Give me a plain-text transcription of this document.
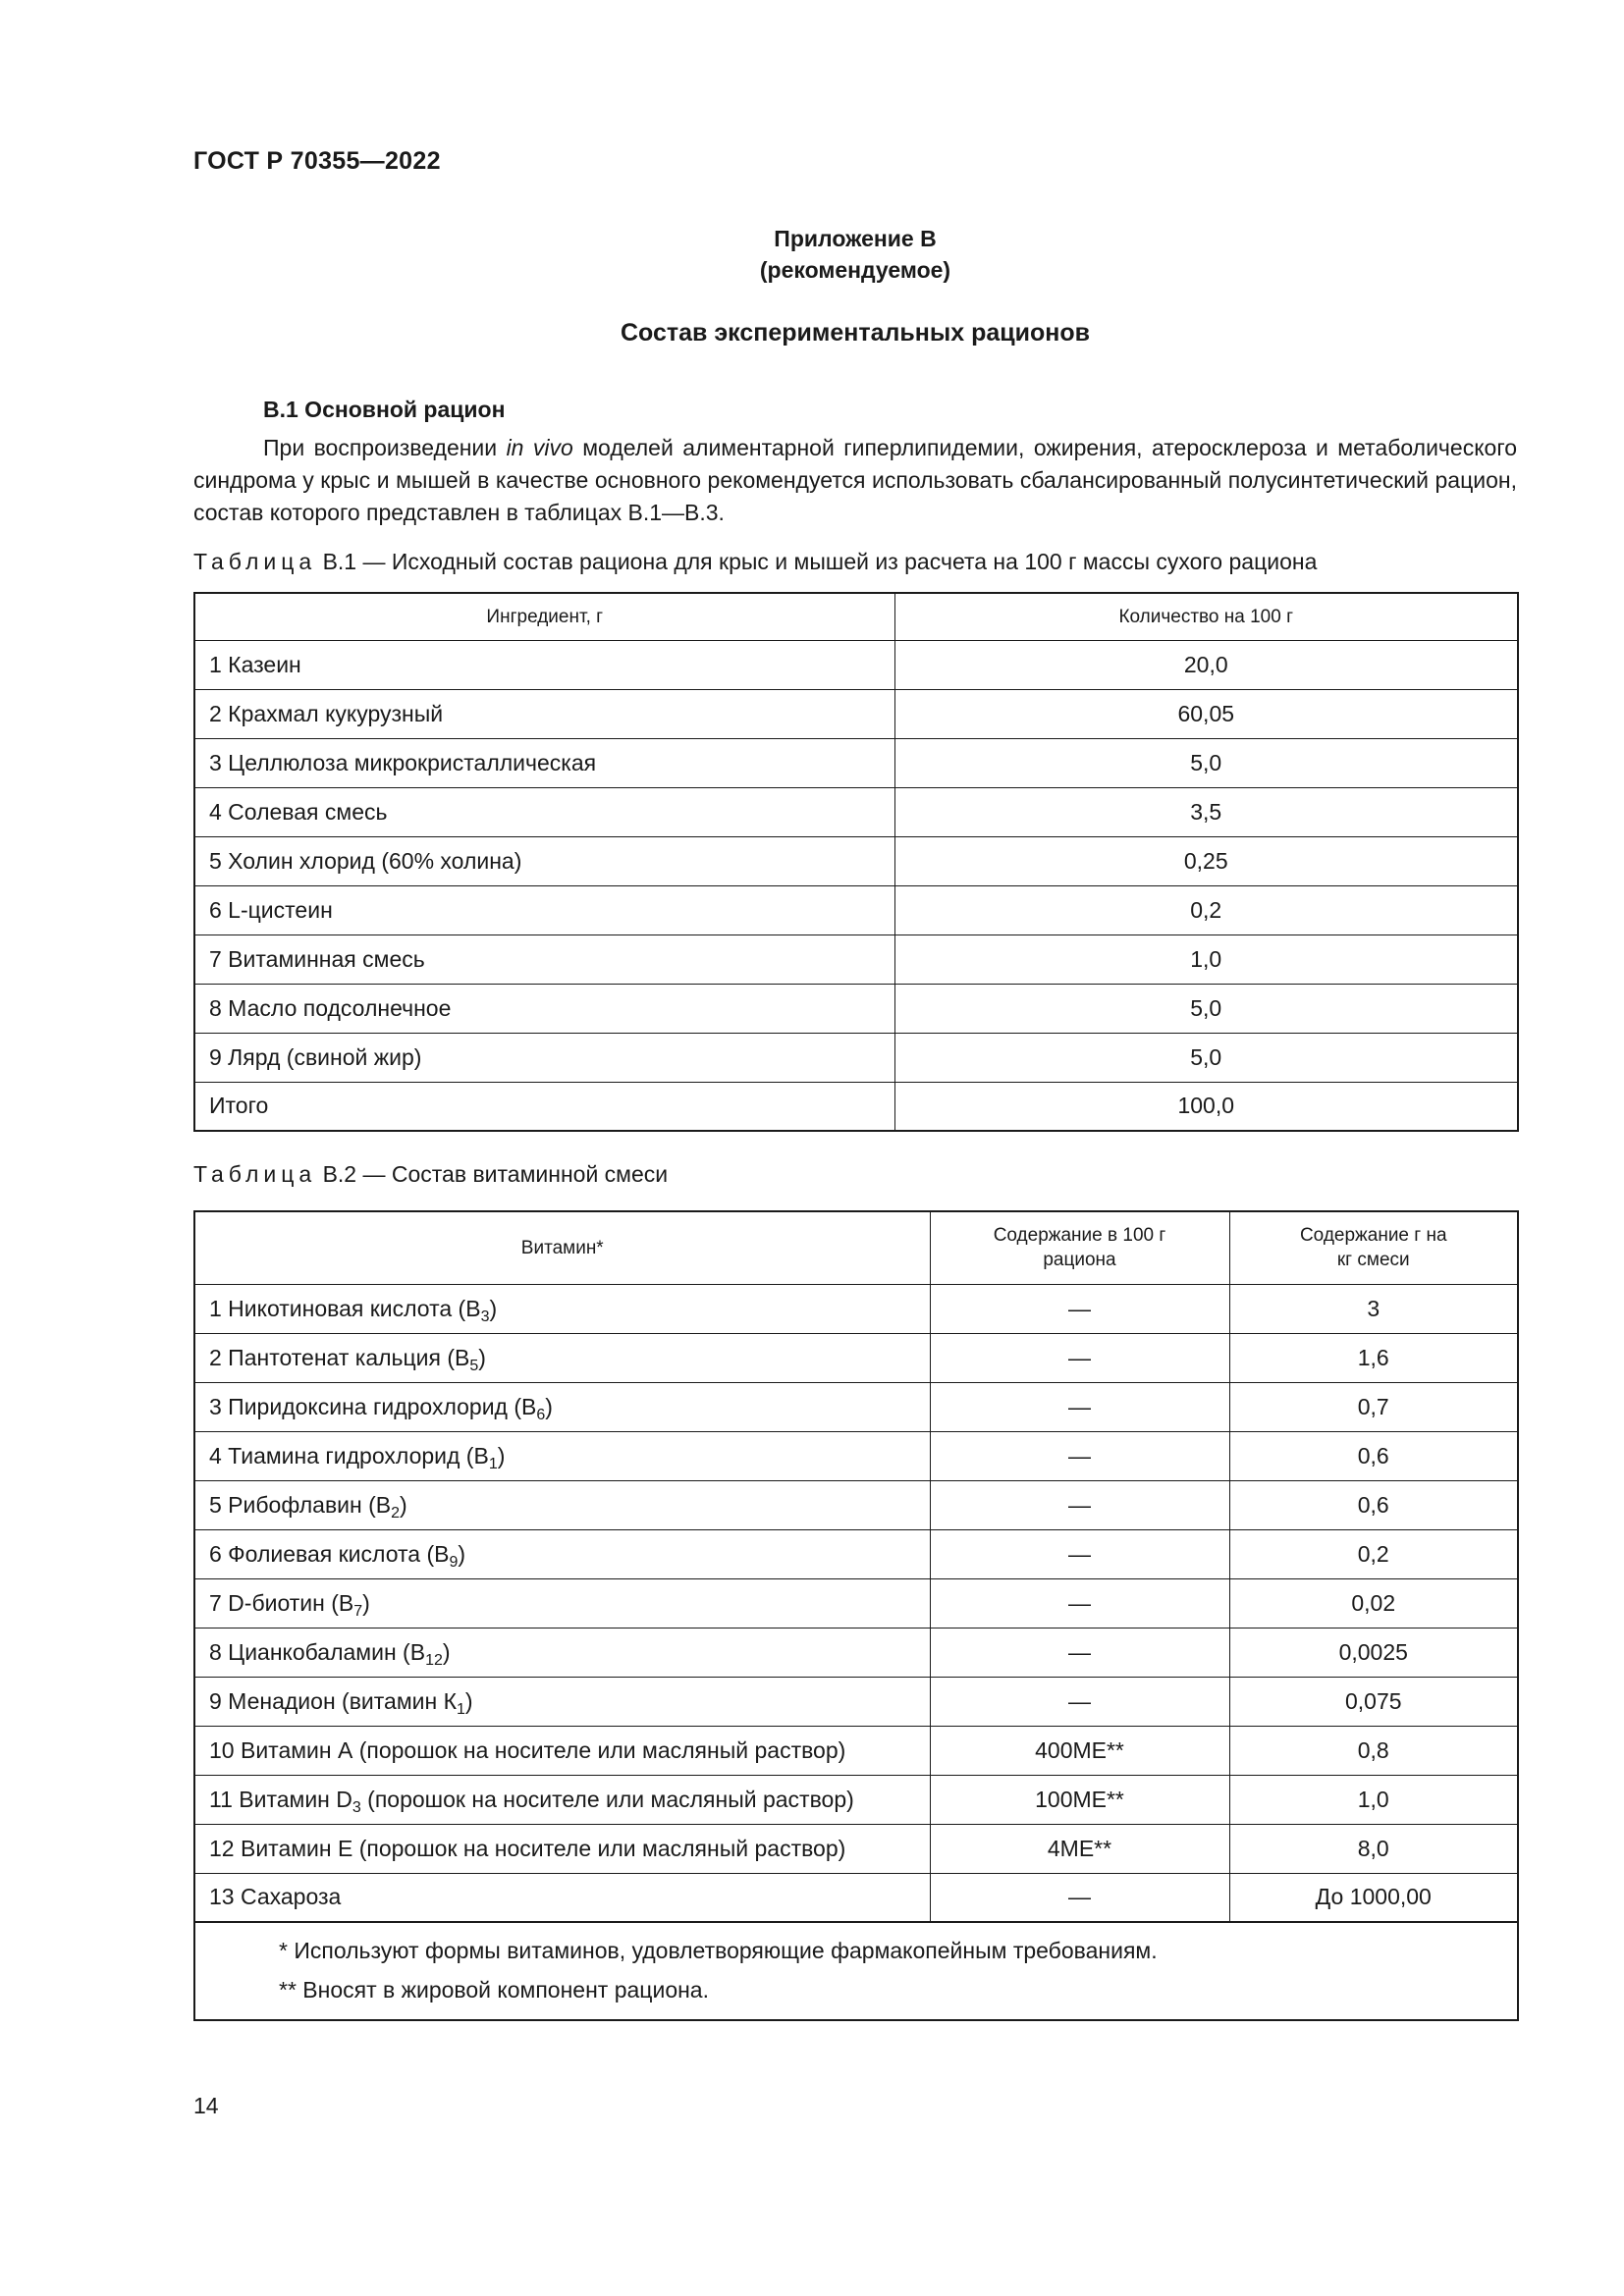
ГОСТ Р 70355—2022
Приложение В
(рекомендуемое)
Состав экспериментальных рационов
В.1 Основной рацион

При воспроизведении in vivo моделей алиментарной гиперлипидемии, ожирения, атеросклероза и метаболического синдрома у крыс и мышей в качестве основного рекомендуется использовать сбалансированный полусинтетический рацион, состав которого представлен в таблицах В.1—В.3.

Таблица В.1 — Исходный состав рациона для крыс и мышей из расчета на 100 г массы сухого рациона
Ингредиент, г	Количество на 100 г
1 Казеин	20,0
2 Крахмал кукурузный	60,05
3 Целлюлоза микрокристаллическая	5,0
4 Солевая смесь	3,5
5 Холин хлорид (60% холина)	0,25
6 L-цистеин	0,2
7 Витаминная смесь	1,0
8 Масло подсолнечное	5,0
9 Лярд (свиной жир)	5,0
Итого	100,0
Таблица В.2 — Состав витаминной смеси
Витамин*	Содержание в 100 г рациона	Содержание г на кг смеси
1 Никотиновая кислота $(В_3)$	—	3
2 Пантотенат кальция $(В_5)$	—	1,6
3 Пиридоксина гидрохлорид $(В_6)$	—	0,7
4 Тиамина гидрохлорид $(В_1)$	—	0,6
5 Рибофлавин $(В_2)$	—	0,6
6 Фолиевая кислота $(В_9)$	—	0,2
7 D-биотин $(В_7)$	—	0,02
8 Цианкобаламин $(В_{12})$	—	0,0025
9 Менадион (витамин $К_1$)	—	0,075
10 Витамин А (порошок на носителе или масляный раствор)	400МЕ**	0,8
11 Витамин $D_3$ (порошок на носителе или масляный раствор)	100МЕ**	1,0
12 Витамин Е (порошок на носителе или масляный раствор)	4МЕ**	8,0
13 Сахароза	—	До 1000,00

* Используют формы витаминов, удовлетворяющие фармакопейным требованиям.
** Вносят в жировой компонент рациона.		
14
